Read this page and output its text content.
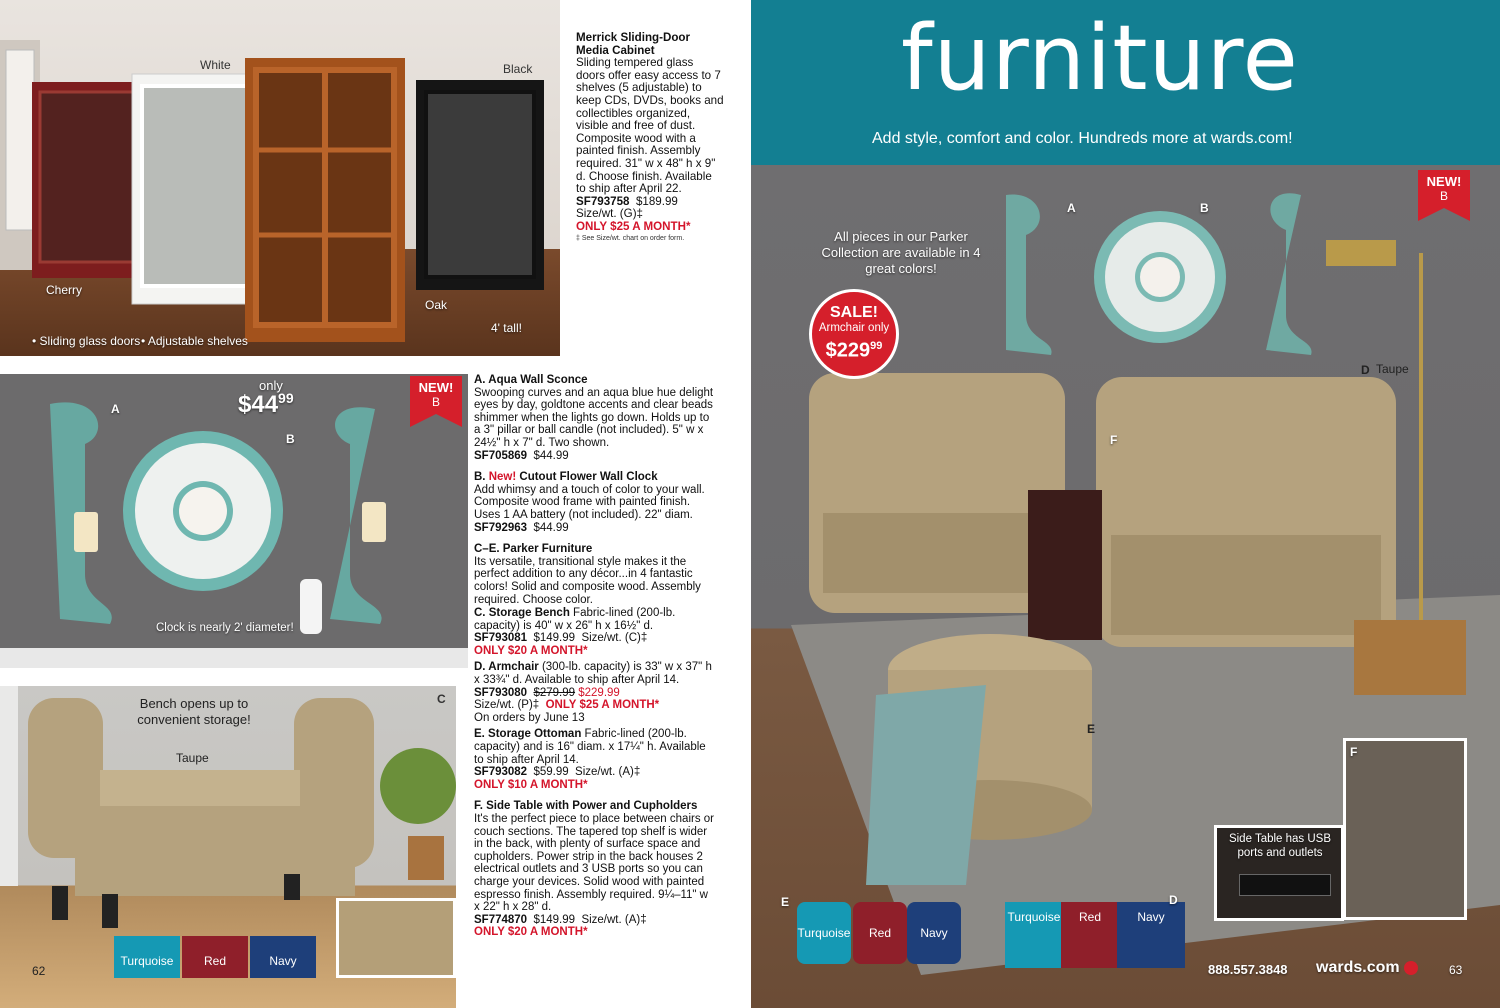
White	Black
Cherry
Oak
4' tall!
• Sliding glass doors • Adjustable shelves
Merrick Sliding-Door Media Cabinet
Sliding tempered glass doors offer easy access to 7 shelves (5 adjustable) to keep CDs, DVDs, books and collectibles organized, visible and free of dust. Composite wood with a painted finish. Assembly required. 31" w x 48" h x 9" d. Choose finish. Available to ship after April 22.
SF793758 $189.99
Size/wt. (G)‡
ONLY $25 A MONTH*
‡ See Size/wt. chart on order form.
only
$\$44^{99}$
A
B
Clock is nearly 2' diameter!
NEW!
B
Bench opens up to convenient storage!
C
Taupe
62
Turquoise	Red	Navy

A. Aqua Wall Sconce
Swooping curves and an aqua blue hue delight eyes by day, goldtone accents and clear beads shimmer when the lights go down. Holds up to a 3" pillar or ball candle (not included). 5" w x 24½" h x 7" d. Two shown.
SF705869 $44.99

B. New! Cutout Flower Wall Clock
Add whimsy and a touch of color to your wall. Composite wood frame with painted finish. Uses 1 AA battery (not included). 22" diam.
SF792963 $44.99

C–E. Parker Furniture
Its versatile, transitional style makes it the perfect addition to any décor...in 4 fantastic colors! Solid and composite wood. Assembly required. Choose color.
C. Storage Bench Fabric-lined (200-lb. capacity) is 40" w x 26" h x 16½" d.
SF793081 $149.99 Size/wt. (C)‡
ONLY $20 A MONTH*
D. Armchair (300-lb. capacity) is 33" w x 37" h x 33¾" d. Available to ship after April 14.
SF793080 $279.99 $229.99
Size/wt. (P)‡ ONLY $25 A MONTH*
On orders by June 13
E. Storage Ottoman Fabric-lined (200-lb. capacity) and is 16" diam. x 17¼" h. Available to ship after April 14.
SF793082 $59.99 Size/wt. (A)‡
ONLY $10 A MONTH*
F. Side Table with Power and Cupholders
It's the perfect piece to place between chairs or couch sections. The tapered top shelf is wider in the back, with plenty of surface space and cupholders. Power strip in the back houses 2 electrical outlets and 3 USB ports so you can charge your devices. Solid wood with painted espresso finish. Assembly required. 9¼–11" w x 22" h x 28" d.
SF774870 $149.99 Size/wt. (A)‡
ONLY $20 A MONTH*
furniture
Add style, comfort and color. Hundreds more at wards.com!
All pieces in our Parker Collection are available in 4 great colors!
A	B
D Taupe
F
E
F
Side Table has USB ports and outlets
E
Turquoise	Red	Navy
Turquoise	Red	Navy
D
888.557.3848 wards.com	63
SALE!
Armchair only
$\$229^{99}$
NEW!
B
